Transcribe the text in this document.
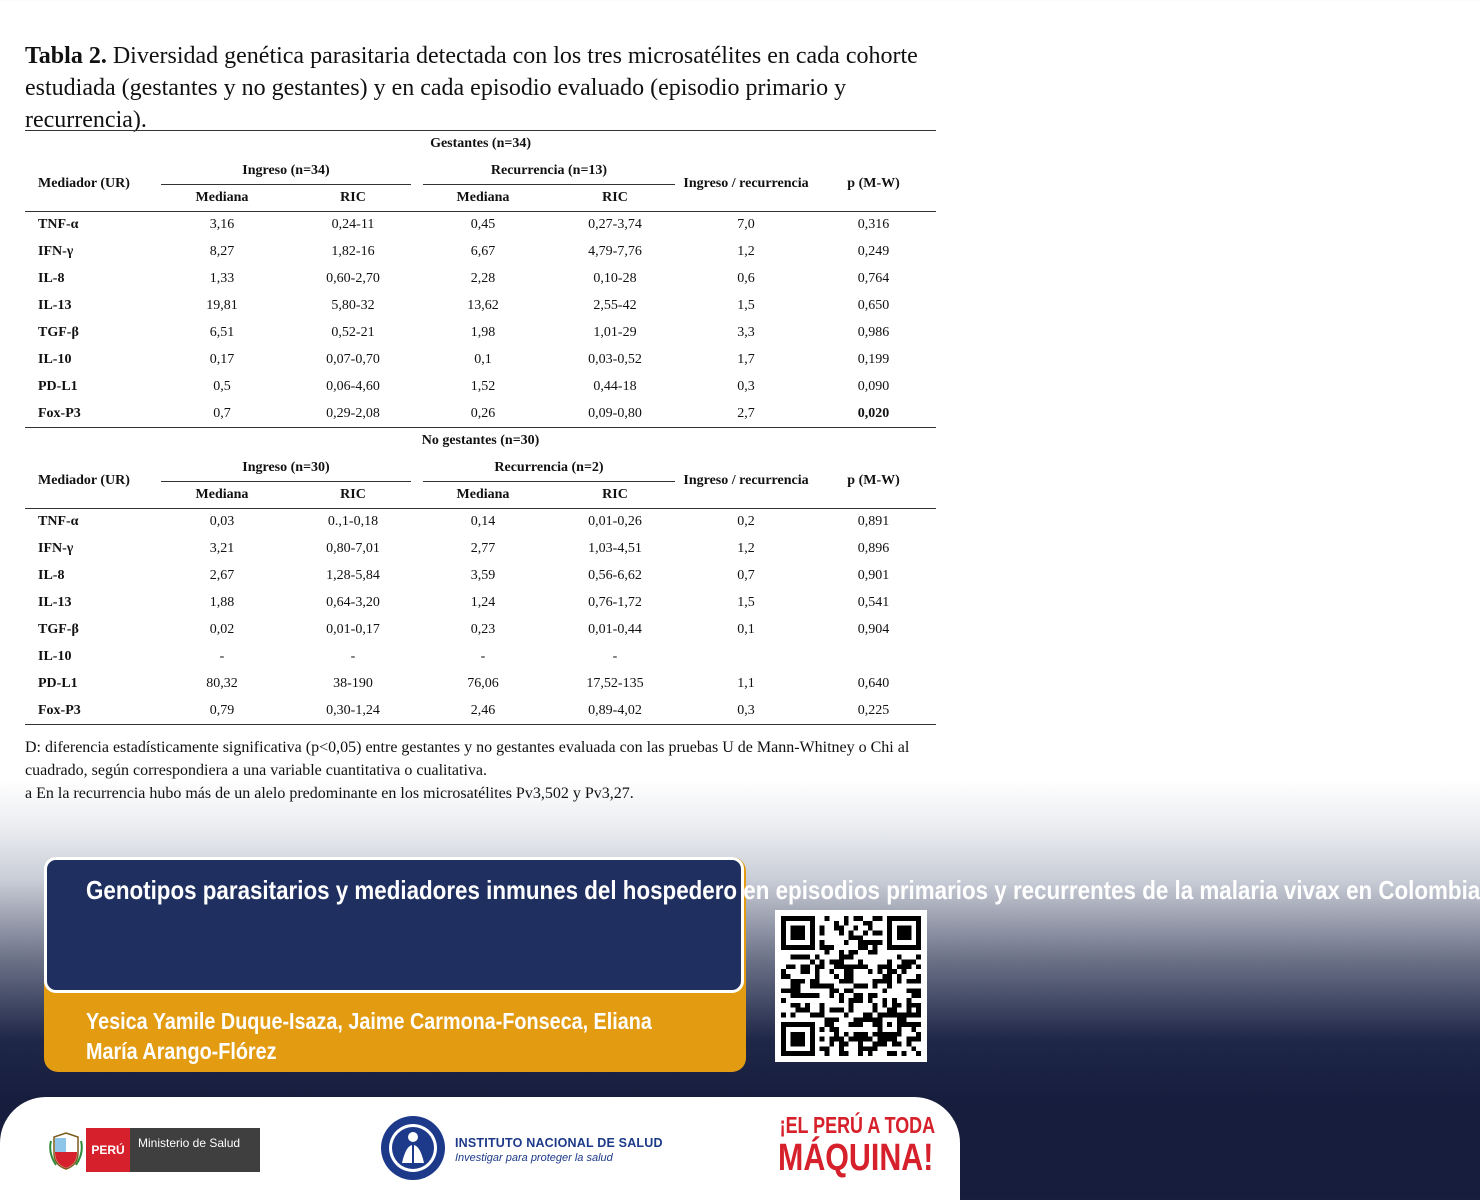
Tabla 2. Diversidad genética parasitaria detectada con los tres microsatélites en cada cohorte estudiada (gestantes y no gestantes) y en cada episodio evaluado (episodio primario y recurrencia).
Gestantes (n=34)						
Mediador (UR)	Ingreso (n=34)		Recurrencia (n=13)		Ingreso / recurrencia	p (M-W)
	Mediana	RIC	Mediana	RIC		
TNF-α	3,16	0,24-11	0,45	0,27-3,74	7,0	0,316
IFN-γ	8,27	1,82-16	6,67	4,79-7,76	1,2	0,249
IL-8	1,33	0,60-2,70	2,28	0,10-28	0,6	0,764
IL-13	19,81	5,80-32	13,62	2,55-42	1,5	0,650
TGF-β	6,51	0,52-21	1,98	1,01-29	3,3	0,986
IL-10	0,17	0,07-0,70	0,1	0,03-0,52	1,7	0,199
PD-L1	0,5	0,06-4,60	1,52	0,44-18	0,3	0,090
Fox-P3	0,7	0,29-2,08	0,26	0,09-0,80	2,7	0,020
No gestantes (n=30)						
Mediador (UR)	Ingreso (n=30)		Recurrencia (n=2)		Ingreso / recurrencia	p (M-W)
	Mediana	RIC	Mediana	RIC		
TNF-α	0,03	0.,1-0,18	0,14	0,01-0,26	0,2	0,891
IFN-γ	3,21	0,80-7,01	2,77	1,03-4,51	1,2	0,896
IL-8	2,67	1,28-5,84	3,59	0,56-6,62	0,7	0,901
IL-13	1,88	0,64-3,20	1,24	0,76-1,72	1,5	0,541
TGF-β	0,02	0,01-0,17	0,23	0,01-0,44	0,1	0,904
IL-10	-	-	-	-		
PD-L1	80,32	38-190	76,06	17,52-135	1,1	0,640
Fox-P3	0,79	0,30-1,24	2,46	0,89-4,02	0,3	0,225
D: diferencia estadísticamente significativa (p<0,05) entre gestantes y no gestantes evaluada con las pruebas U de Mann-Whitney o Chi al cuadrado, según correspondiera a una variable cuantitativa o cualitativa.
a En la recurrencia hubo más de un alelo predominante en los microsatélites Pv3,502 y Pv3,27.
Genotipos parasitarios y mediadores inmunes del hospedero en episodios primarios y recurrentes de la malaria vivax en Colombia
Yesica Yamile Duque-Isaza, Jaime Carmona-Fonseca, Eliana María Arango-Flórez
PERÚ	Ministerio de Salud	INSTITUTO NACIONAL DE SALUD
Investigar para proteger la salud
¡EL PERÚ A TODA
MÁQUINA!
